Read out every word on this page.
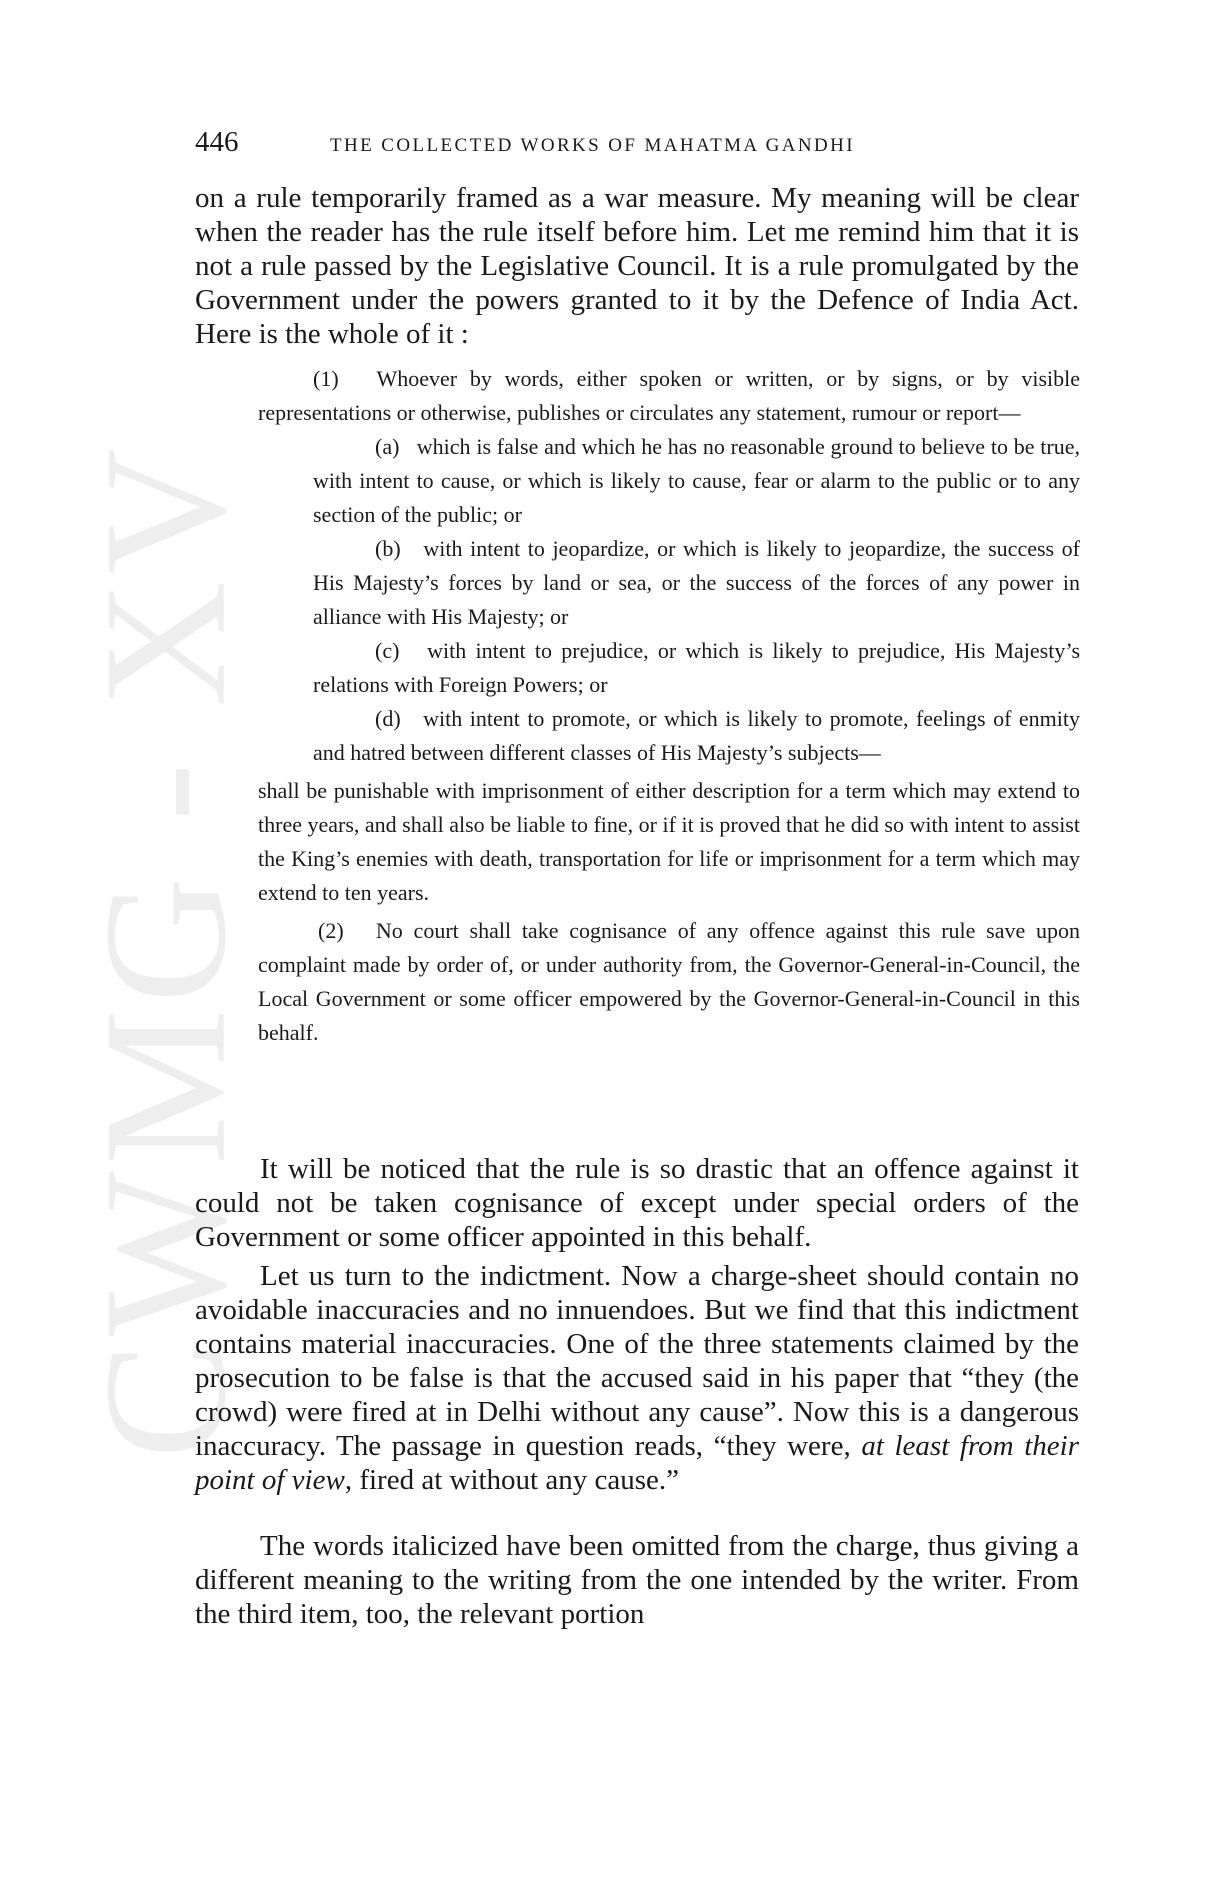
CWMG - XV
446	THE COLLECTED WORKS OF MAHATMA GANDHI

on a rule temporarily framed as a war measure. My meaning will be clear when the reader has the rule itself before him. Let me remind him that it is not a rule passed by the Legislative Council. It is a rule promulgated by the Government under the powers granted to it by the Defence of India Act. Here is the whole of it :

(1) Whoever by words, either spoken or written, or by signs, or by visible representations or otherwise, publishes or circulates any statement, rumour or report—

(a) which is false and which he has no reasonable ground to believe to be true, with intent to cause, or which is likely to cause, fear or alarm to the public or to any section of the public; or

(b) with intent to jeopardize, or which is likely to jeopardize, the success of His Majesty’s forces by land or sea, or the success of the forces of any power in alliance with His Majesty; or

(c) with intent to prejudice, or which is likely to prejudice, His Majesty’s relations with Foreign Powers; or

(d) with intent to promote, or which is likely to promote, feelings of enmity and hatred between different classes of His Majesty’s subjects—

shall be punishable with imprisonment of either description for a term which may extend to three years, and shall also be liable to fine, or if it is proved that he did so with intent to assist the King’s enemies with death, transportation for life or imprisonment for a term which may extend to ten years.

(2) No court shall take cognisance of any offence against this rule save upon complaint made by order of, or under authority from, the Governor-General-in-Council, the Local Government or some officer empowered by the Governor-General-in-Council in this behalf.

It will be noticed that the rule is so drastic that an offence against it could not be taken cognisance of except under special orders of the Government or some officer appointed in this behalf.

Let us turn to the indictment. Now a charge-sheet should contain no avoidable inaccuracies and no innuendoes. But we find that this indictment contains material inaccuracies. One of the three statements claimed by the prosecution to be false is that the accused said in his paper that “they (the crowd) were fired at in Delhi without any cause”. Now this is a dangerous inaccuracy. The passage in question reads, “they were, at least from their point of view, fired at without any cause.”

The words italicized have been omitted from the charge, thus giving a different meaning to the writing from the one intended by the writer. From the third item, too, the relevant portion
